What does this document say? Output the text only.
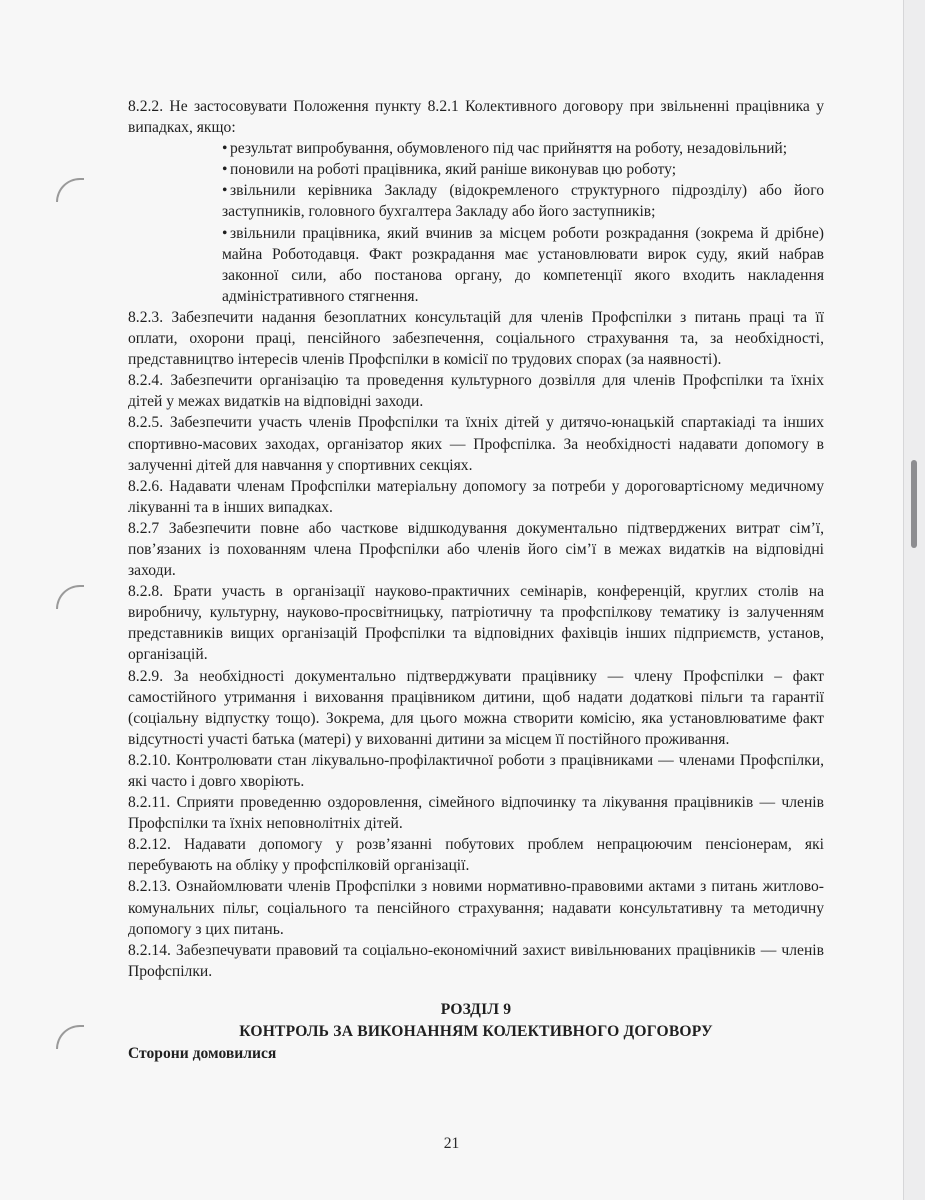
8.2.2. Не застосовувати Положення пункту 8.2.1 Колективного договору при звільненні працівника у випадках, якщо:

• результат випробування, обумовленого під час прийняття на роботу, незадовільний;
• поновили на роботі працівника, який раніше виконував цю роботу;
• звільнили керівника Закладу (відокремленого структурного підрозділу) або його заступників, головного бухгалтера Закладу або його заступників;
• звільнили працівника, який вчинив за місцем роботи розкрадання (зокрема й дрібне) майна Роботодавця. Факт розкрадання має установлювати вирок суду, який набрав законної сили, або постанова органу, до компетенції якого входить накладення адміністративного стягнення.

8.2.3. Забезпечити надання безоплатних консультацій для членів Профспілки з питань праці та її оплати, охорони праці, пенсійного забезпечення, соціального страхування та, за необхідності, представництво інтересів членів Профспілки в комісії по трудових спорах (за наявності).

8.2.4. Забезпечити організацію та проведення культурного дозвілля для членів Профспілки та їхніх дітей у межах видатків на відповідні заходи.

8.2.5. Забезпечити участь членів Профспілки та їхніх дітей у дитячо-юнацькій спартакіаді та інших спортивно-масових заходах, організатор яких — Профспілка. За необхідності надавати допомогу в залученні дітей для навчання у спортивних секціях.

8.2.6. Надавати членам Профспілки матеріальну допомогу за потреби у дороговартісному медичному лікуванні та в інших випадках.

8.2.7 Забезпечити повне або часткове відшкодування документально підтверджених витрат сім’ї, пов’язаних із похованням члена Профспілки або членів його сім’ї в межах видатків на відповідні заходи.

8.2.8. Брати участь в організації науково-практичних семінарів, конференцій, круглих столів на виробничу, культурну, науково-просвітницьку, патріотичну та профспілкову тематику із залученням представників вищих організацій Профспілки та відповідних фахівців інших підприємств, установ, організацій.

8.2.9. За необхідності документально підтверджувати працівнику — члену Профспілки – факт самостійного утримання і виховання працівником дитини, щоб надати додаткові пільги та гарантії (соціальну відпустку тощо). Зокрема, для цього можна створити комісію, яка установлюватиме факт відсутності участі батька (матері) у вихованні дитини за місцем її постійного проживання.

8.2.10. Контролювати стан лікувально-профілактичної роботи з працівниками — членами Профспілки, які часто і довго хворіють.

8.2.11. Сприяти проведенню оздоровлення, сімейного відпочинку та лікування працівників — членів Профспілки та їхніх неповнолітніх дітей.

8.2.12. Надавати допомогу у розв’язанні побутових проблем непрацюючим пенсіонерам, які перебувають на обліку у профспілковій організації.

8.2.13. Ознайомлювати членів Профспілки з новими нормативно-правовими актами з питань житлово-комунальних пільг, соціального та пенсійного страхування; надавати консультативну та методичну допомогу з цих питань.

8.2.14. Забезпечувати правовий та соціально-економічний захист вивільнюваних працівників — членів Профспілки.

РОЗДІЛ 9
КОНТРОЛЬ ЗА ВИКОНАННЯМ КОЛЕКТИВНОГО ДОГОВОРУ

Сторони домовилися

21
